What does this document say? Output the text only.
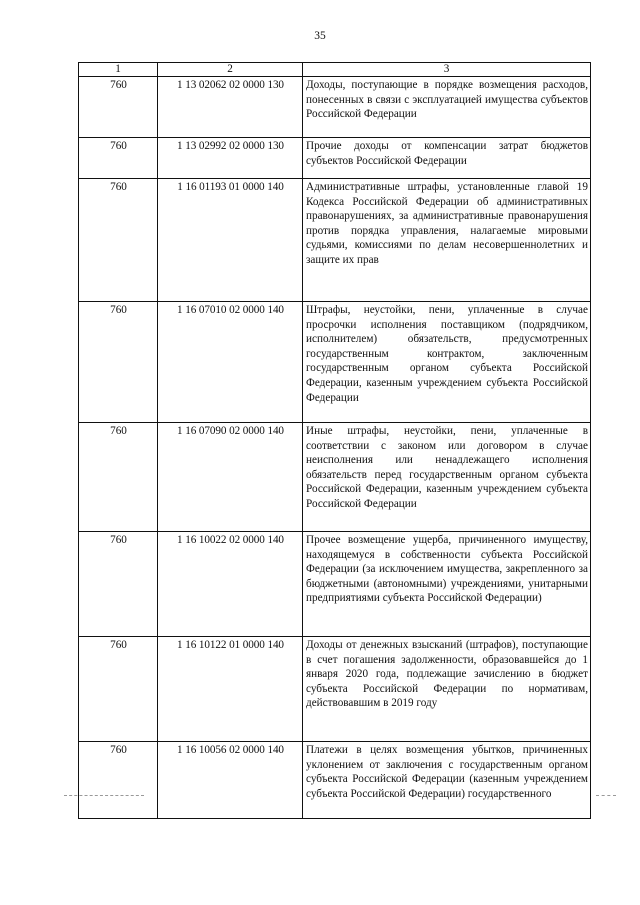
35
1	2	3
760	1 13 02062 02 0000 130	Доходы, поступающие в порядке возмещения расходов, понесенных в связи с эксплуатацией имущества субъектов Российской Федерации
760	1 13 02992 02 0000 130	Прочие доходы от компенсации затрат бюджетов субъектов Российской Федерации
760	1 16 01193 01 0000 140	Административные штрафы, установленные главой 19 Кодекса Российской Федерации об административных правонарушениях, за административные правонарушения против порядка управления, налагаемые мировыми судьями, комиссиями по делам несовершеннолетних и защите их прав
760	1 16 07010 02 0000 140	Штрафы, неустойки, пени, уплаченные в случае просрочки исполнения поставщиком (подрядчиком, исполнителем) обязательств, предусмотренных государственным контрактом, заключенным государственным органом субъекта Российской Федерации, казенным учреждением субъекта Российской Федерации
760	1 16 07090 02 0000 140	Иные штрафы, неустойки, пени, уплаченные в соответствии с законом или договором в случае неисполнения или ненадлежащего исполнения обязательств перед государственным органом субъекта Российской Федерации, казенным учреждением субъекта Российской Федерации
760	1 16 10022 02 0000 140	Прочее возмещение ущерба, причиненного имуществу, находящемуся в собственности субъекта Российской Федерации (за исключением имущества, закрепленного за бюджетными (автономными) учреждениями, унитарными предприятиями субъекта Российской Федерации)
760	1 16 10122 01 0000 140	Доходы от денежных взысканий (штрафов), поступающие в счет погашения задолженности, образовавшейся до 1 января 2020 года, подлежащие зачислению в бюджет субъекта Российской Федерации по нормативам, действовавшим в 2019 году
760	1 16 10056 02 0000 140	Платежи в целях возмещения убытков, причиненных уклонением от заключения с государственным органом субъекта Российской Федерации (казенным учреждением субъекта Российской Федерации) государственного
